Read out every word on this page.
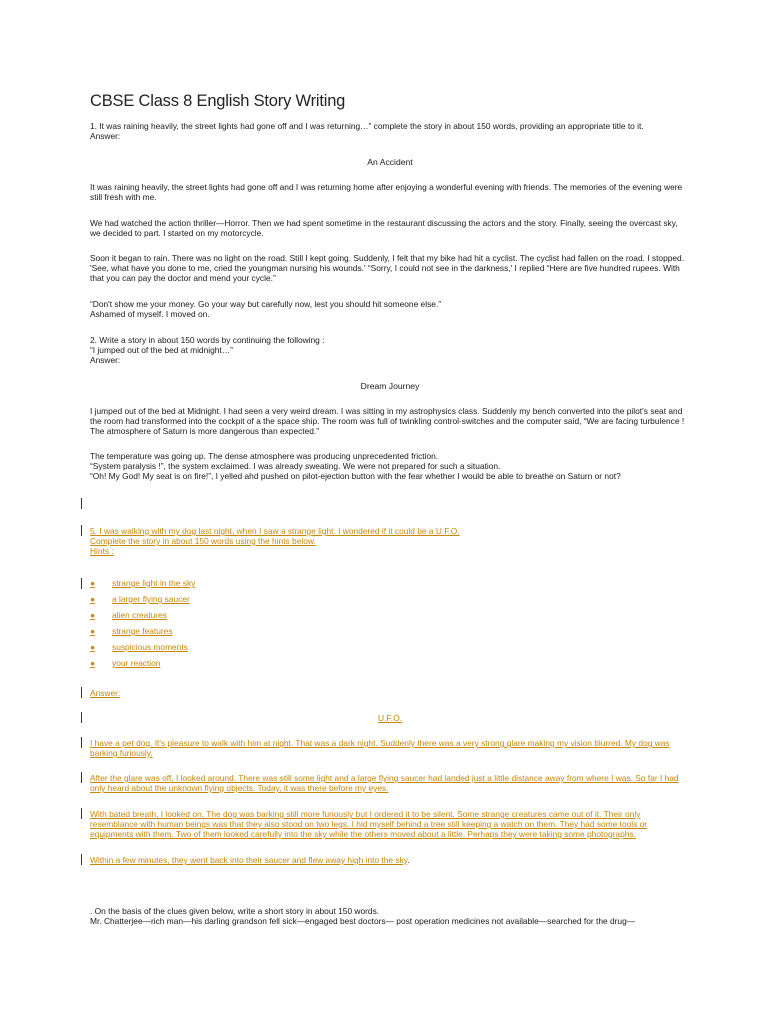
CBSE Class 8 English Story Writing

1. It was raining heavily, the street lights had gone off and I was returning…” complete the story in about 150 words, providing an appropriate title to it.
Answer:

An Accident

It was raining heavily, the street lights had gone off and I was returning home after enjoying a wonderful evening with friends. The memories of the evening were still fresh with me.

We had watched the action thriller—Horror. Then we had spent sometime in the restaurant discussing the actors and the story. Finally, seeing the overcast sky, we decided to part. I started on my motorcycle.

Soon it began to rain. There was no light on the road. Still I kept going. Suddenly, I felt that my bike had hit a cyclist. The cyclist had fallen on the road. I stopped. 'See, what have you done to me, cried the youngman nursing his wounds.' “Sorry, I could not see in the darkness,' I replied “Here are five hundred rupees. With that you can pay the doctor and mend your cycle.”

“Don't show me your money. Go your way but carefully now, lest you should hit someone else.”
Ashamed of myself. I moved on.

2. Write a story in about 150 words by continuing the following :
“I jumped out of the bed at midnight…”
Answer:

Dream Journey

I jumped out of the bed at Midnight. I had seen a very weird dream. I was sitting in my astrophysics class. Suddenly my bench converted into the pilot's seat and the room had transformed into the cockpit of a the space ship. The room was full of twinkling control-switches and the computer said, “We are facing turbulence ! The atmosphere of Saturn is more dangerous than expected.”

The temperature was going up. The dense atmosphere was producing unprecedented friction.
“System paralysis !”, the system exclaimed. I was already sweating. We were not prepared for such a situation.
“Oh! My God! My seat is on fire!”, I yelled ahd pushed on pilot-ejection button with the fear whether I would be able to breathe on Saturn or not?

5. I was walking with my dog last night, when I saw a strange light. I wondered if it could be a U.F.O.
Complete the story in about 150 words using the hints below.
Hints :

● strange light in the sky
● a larger flying saucer
● alien creatures
● strange features
● suspicious moments
● your reaction

Answer:

U.F.O.

I have a pet dog. It's pleasure to walk with him at night. That was a dark night. Suddenly there was a very strong glare making my vision blurred. My dog was barking furiously.

After the glare was off, I looked around. There was still some light and a large flying saucer had landed just a little distance away from where I was. So far I had only heard about the unknown flying objects. Today, it was there before my eyes.

With bated breath, I looked on. The dog was barking still more furiously but I ordered it to be silent. Some strange creatures came out of it. Their only resemblance with human beings was that they also stood on two legs. I hid myself behind a tree still keeping a watch on them. They had some tools or equipments with them. Two of them looked carefully into the sky while the others moved about a little. Perhaps they were taking some photographs.

Within a few minutes, they went back into their saucer and flew away high into the sky.

. On the basis of the clues given below, write a short story in about 150 words.
Mr. Chatterjee—rich man—his darling grandson fell sick—engaged best doctors— post operation medicines not available—searched for the drug—
